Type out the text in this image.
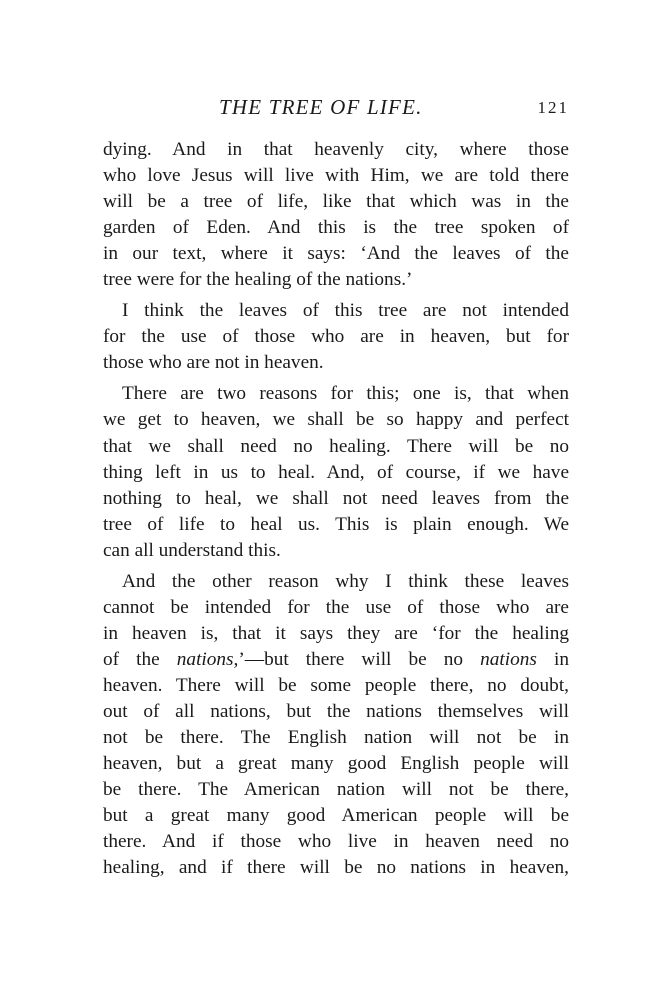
THE TREE OF LIFE.	121
dying. And in that heavenly city, where those
who love Jesus will live with Him, we are told there
will be a tree of life, like that which was in the
garden of Eden. And this is the tree spoken of
in our text, where it says: ‘And the leaves of the
tree were for the healing of the nations.’
I think the leaves of this tree are not intended
for the use of those who are in heaven, but for
those who are not in heaven.
There are two reasons for this; one is, that when
we get to heaven, we shall be so happy and perfect
that we shall need no healing. There will be no
thing left in us to heal. And, of course, if we have
nothing to heal, we shall not need leaves from the
tree of life to heal us. This is plain enough. We
can all understand this.
And the other reason why I think these leaves
cannot be intended for the use of those who are
in heaven is, that it says they are ‘for the healing
of the nations,’—but there will be no nations in
heaven. There will be some people there, no doubt,
out of all nations, but the nations themselves will
not be there. The English nation will not be in
heaven, but a great many good English people will
be there. The American nation will not be there,
but a great many good American people will be
there. And if those who live in heaven need no
healing, and if there will be no nations in heaven,
